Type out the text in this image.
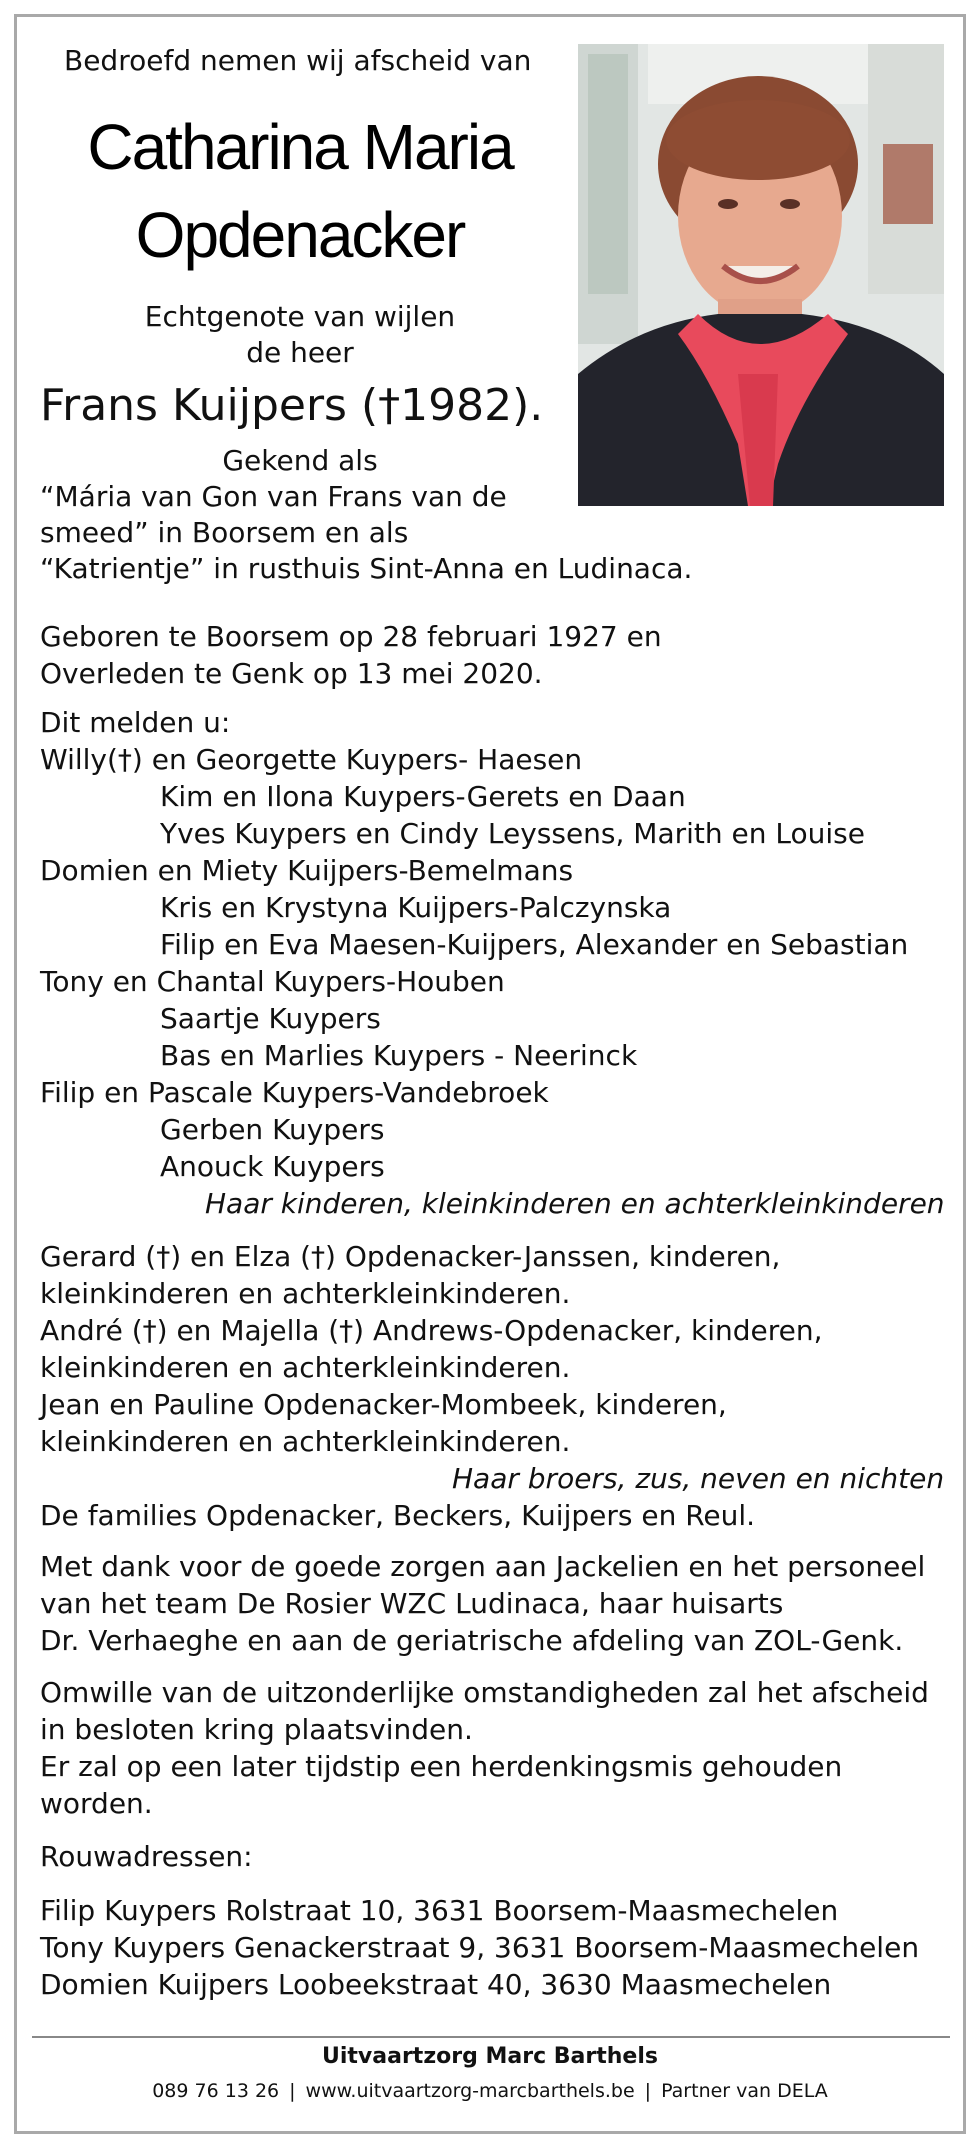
Bedroefd nemen wij afscheid van
Catharina Maria
Opdenacker
Echtgenote van wijlen
de heer
Frans Kuijpers (†1982).
Gekend als
“Mária van Gon van Frans van de
smeed” in Boorsem en als
“Katrientje” in rusthuis Sint-Anna en Ludinaca.
Geboren te Boorsem op 28 februari 1927 en
Overleden te Genk op 13 mei 2020.
Dit melden u:
Willy(†) en Georgette Kuypers- Haesen
Kim en Ilona Kuypers-Gerets en Daan
Yves Kuypers en Cindy Leyssens, Marith en Louise
Domien en Miety Kuijpers-Bemelmans
Kris en Krystyna Kuijpers-Palczynska
Filip en Eva Maesen-Kuijpers, Alexander en Sebastian
Tony en Chantal Kuypers-Houben
Saartje Kuypers
Bas en Marlies Kuypers - Neerinck
Filip en Pascale Kuypers-Vandebroek
Gerben Kuypers
Anouck Kuypers
Haar kinderen, kleinkinderen en achterkleinkinderen
Gerard (†) en Elza (†) Opdenacker-Janssen, kinderen,
kleinkinderen en achterkleinkinderen.
André (†) en Majella (†) Andrews-Opdenacker, kinderen,
kleinkinderen en achterkleinkinderen.
Jean en Pauline Opdenacker-Mombeek, kinderen,
kleinkinderen en achterkleinkinderen.
Haar broers, zus, neven en nichten
De families Opdenacker, Beckers, Kuijpers en Reul.
Met dank voor de goede zorgen aan Jackelien en het personeel
van het team De Rosier WZC Ludinaca, haar huisarts
Dr. Verhaeghe en aan de geriatrische afdeling van ZOL-Genk.
Omwille van de uitzonderlijke omstandigheden zal het afscheid
in besloten kring plaatsvinden.
Er zal op een later tijdstip een herdenkingsmis gehouden
worden.
Rouwadressen:
Filip Kuypers Rolstraat 10, 3631 Boorsem-Maasmechelen
Tony Kuypers Genackerstraat 9, 3631 Boorsem-Maasmechelen
Domien Kuijpers Loobeekstraat 40, 3630 Maasmechelen
Uitvaartzorg Marc Barthels
089 76 13 26 | www.uitvaartzorg-marcbarthels.be | Partner van DELA
